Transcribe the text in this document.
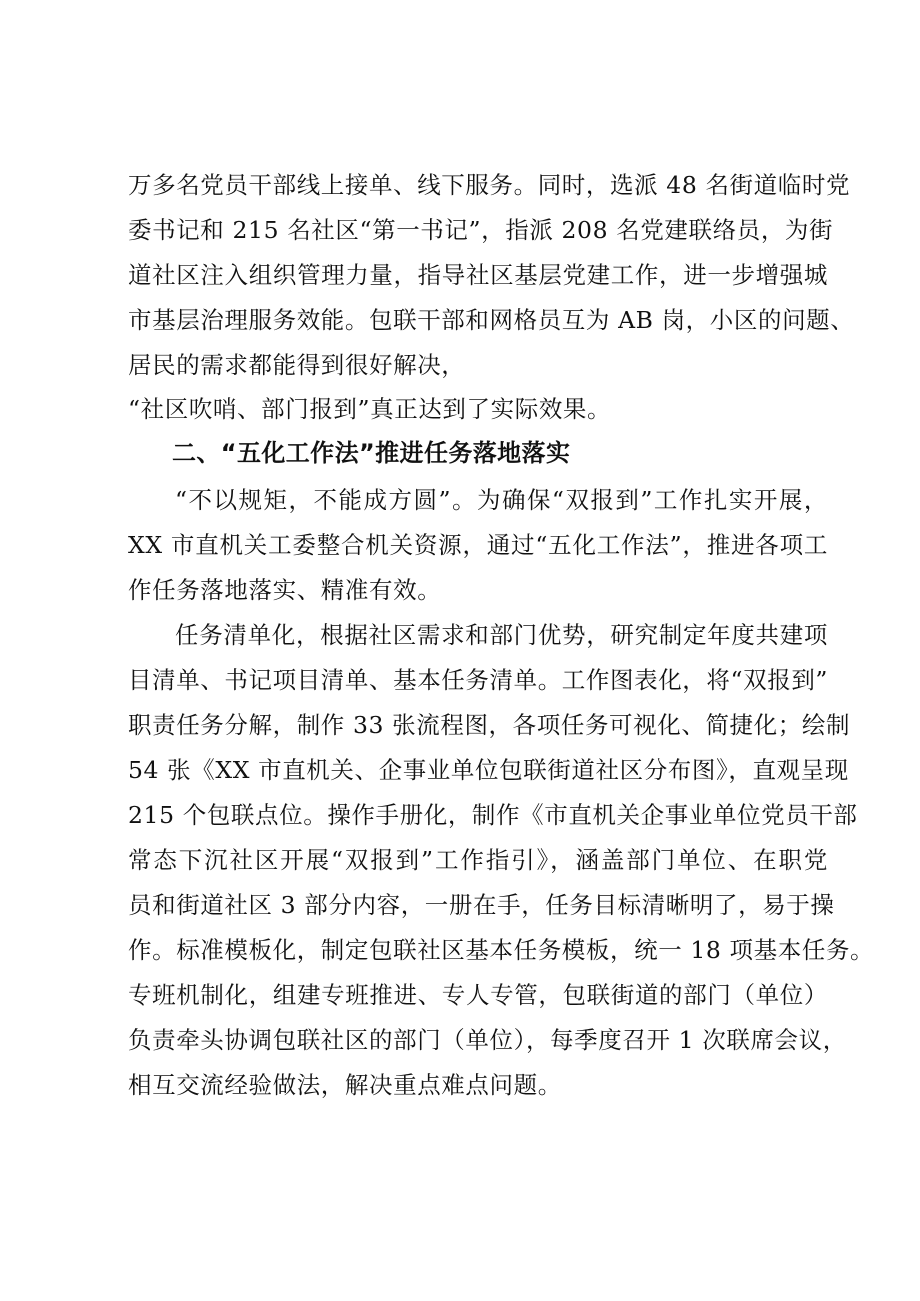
万多名党员干部线上接单、线下服务。同时，选派 48 名街道临时党
委书记和 215 名社区“第一书记”，指派 208 名党建联络员，为街
道社区注入组织管理力量，指导社区基层党建工作，进一步增强城
市基层治理服务效能。包联干部和网格员互为 AB 岗，小区的问题、
居民的需求都能得到很好解决，
“社区吹哨、部门报到”真正达到了实际效果。
二、“五化工作法”推进任务落地落实
“不以规矩，不能成方圆”。为确保“双报到”工作扎实开展，
XX 市直机关工委整合机关资源，通过“五化工作法”，推进各项工
作任务落地落实、精准有效。
任务清单化，根据社区需求和部门优势，研究制定年度共建项
目清单、书记项目清单、基本任务清单。工作图表化，将“双报到”
职责任务分解，制作 33 张流程图，各项任务可视化、简捷化；绘制
54 张《XX 市直机关、企事业单位包联街道社区分布图》，直观呈现
215 个包联点位。操作手册化，制作《市直机关企事业单位党员干部
常态下沉社区开展“双报到”工作指引》，涵盖部门单位、在职党
员和街道社区 3 部分内容，一册在手，任务目标清晰明了，易于操
作。标准模板化，制定包联社区基本任务模板，统一 18 项基本任务。
专班机制化，组建专班推进、专人专管，包联街道的部门（单位）
负责牵头协调包联社区的部门（单位），每季度召开 1 次联席会议，
相互交流经验做法，解决重点难点问题。
